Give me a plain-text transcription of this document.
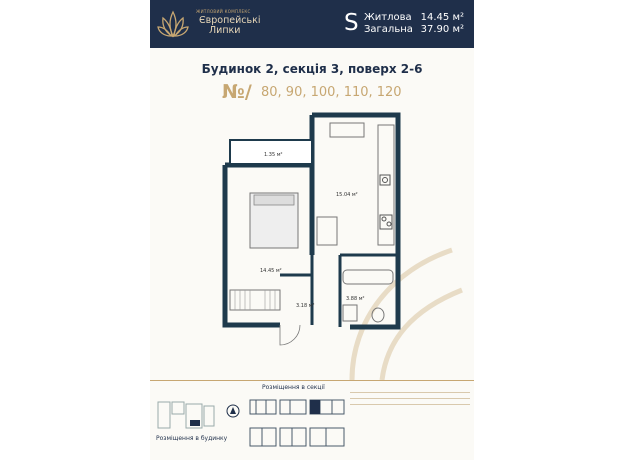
ЖИТЛОВИЙ КОМПЛЕКС
Європейські
Липки	S Житлова
Загальна
14.45 м²
37.90 м²
Будинок 2, секція 3, поверх 2-6
№/ 80, 90, 100, 110, 120
1.35 м²
15.04 м²
14.45 м²
3.18 м²
3.88 м²
Розміщення в секції
Розміщення в будинку
